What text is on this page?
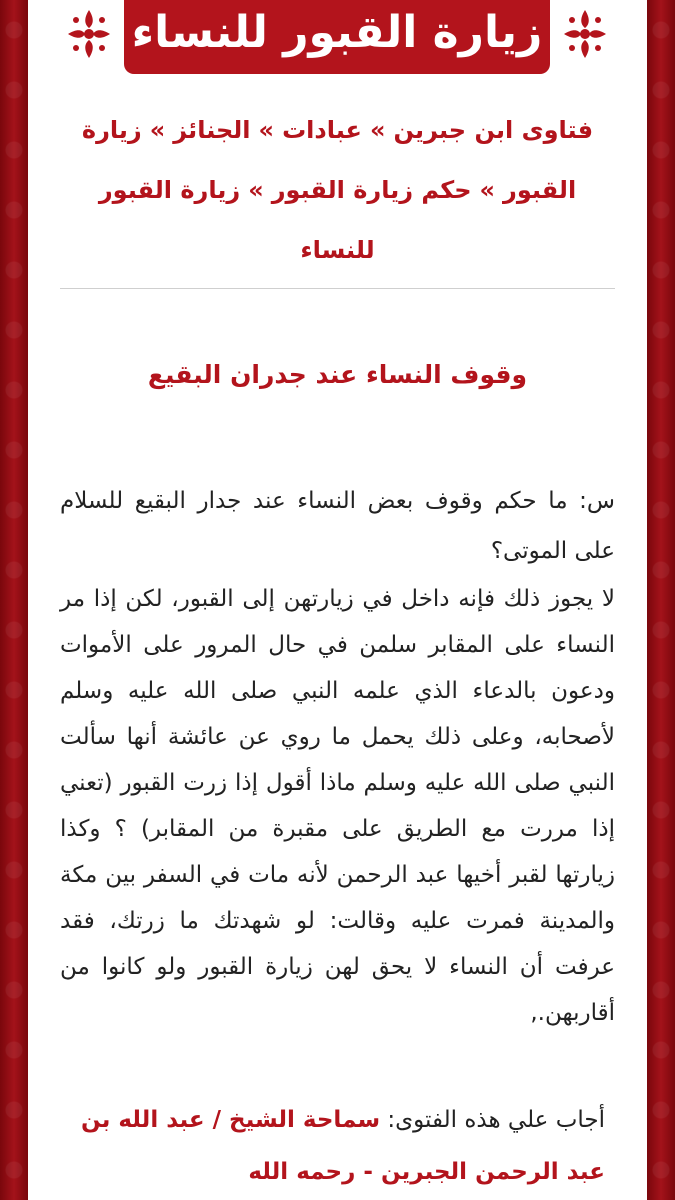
زيارة القبور للنساء
فتاوى ابن جبرين»عبادات»الجنائز»زيارة القبور»حكم زيارة القبور»زيارة القبور للنساء
وقوف النساء عند جدران البقيع

س: ما حكم وقوف بعض النساء عند جدار البقيع للسلام على الموتى؟

لا يجوز ذلك فإنه داخل في زيارتهن إلى القبور، لكن إذا مر النساء على المقابر سلمن في حال المرور على الأموات ودعون بالدعاء الذي علمه النبي صلى الله عليه وسلم لأصحابه، وعلى ذلك يحمل ما روي عن عائشة أنها سألت النبي صلى الله عليه وسلم ماذا أقول إذا زرت القبور (تعني إذا مررت مع الطريق على مقبرة من المقابر) ؟ وكذا زيارتها لقبر أخيها عبد الرحمن لأنه مات في السفر بين مكة والمدينة فمرت عليه وقالت: لو شهدتك ما زرتك، فقد عرفت أن النساء لا يحق لهن زيارة القبور ولو كانوا من أقاربهن.,

أجاب علي هذه الفتوى: سماحة الشيخ / عبد الله بن عبد الرحمن الجبرين - رحمه الله
